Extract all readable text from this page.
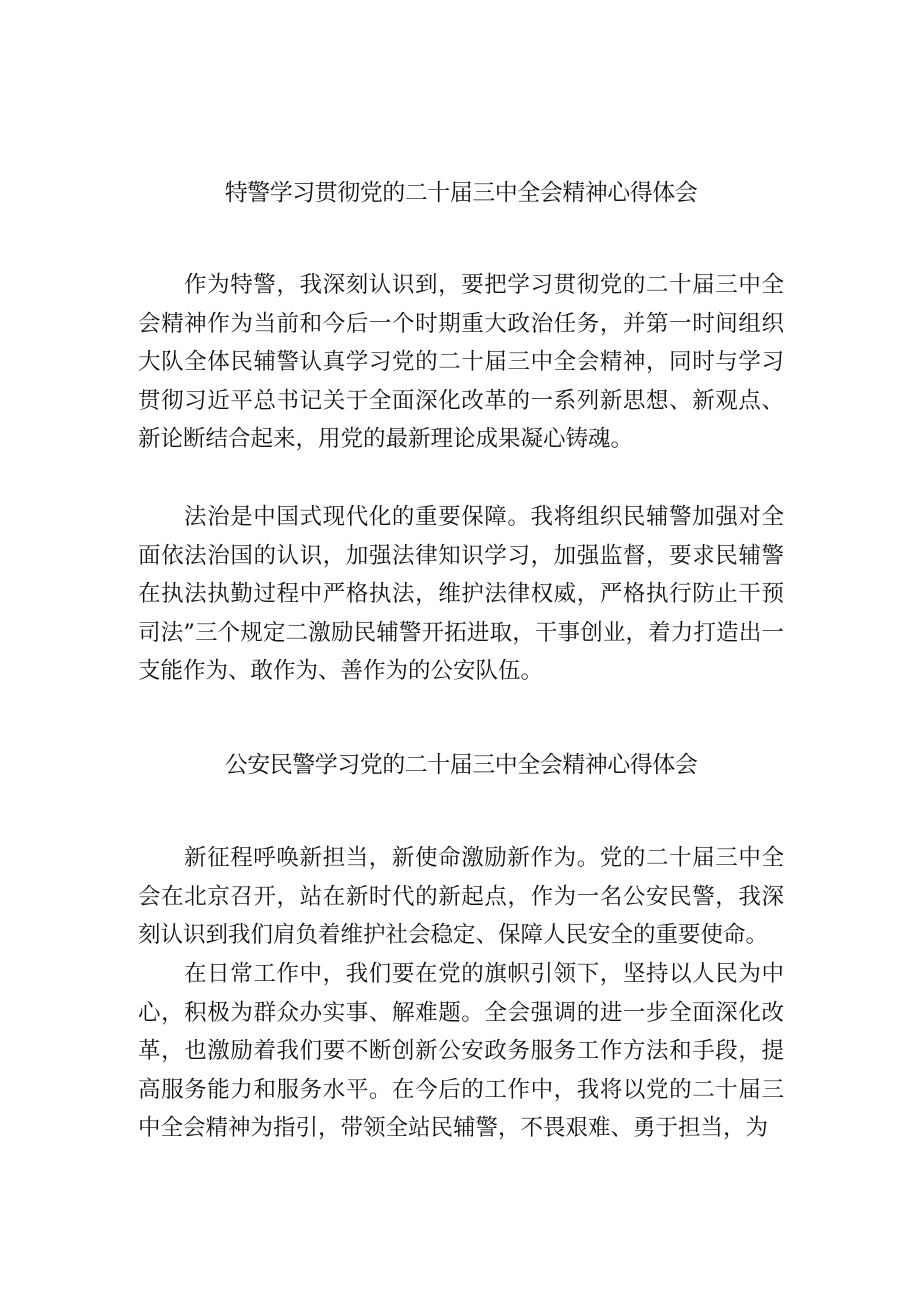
特警学习贯彻党的二十届三中全会精神心得体会

作为特警，我深刻认识到，要把学习贯彻党的二十届三中全会精神作为当前和今后一个时期重大政治任务，并第一时间组织大队全体民辅警认真学习党的二十届三中全会精神，同时与学习贯彻习近平总书记关于全面深化改革的一系列新思想、新观点、新论断结合起来，用党的最新理论成果凝心铸魂。

法治是中国式现代化的重要保障。我将组织民辅警加强对全面依法治国的认识，加强法律知识学习，加强监督，要求民辅警在执法执勤过程中严格执法，维护法律权威，严格执行防止干预司法”三个规定二激励民辅警开拓进取，干事创业，着力打造出一支能作为、敢作为、善作为的公安队伍。

公安民警学习党的二十届三中全会精神心得体会

新征程呼唤新担当，新使命激励新作为。党的二十届三中全会在北京召开，站在新时代的新起点，作为一名公安民警，我深刻认识到我们肩负着维护社会稳定、保障人民安全的重要使命。

在日常工作中，我们要在党的旗帜引领下，坚持以人民为中心，积极为群众办实事、解难题。全会强调的进一步全面深化改革，也激励着我们要不断创新公安政务服务工作方法和手段，提高服务能力和服务水平。在今后的工作中，我将以党的二十届三中全会精神为指引，带领全站民辅警，不畏艰难、勇于担当，为
